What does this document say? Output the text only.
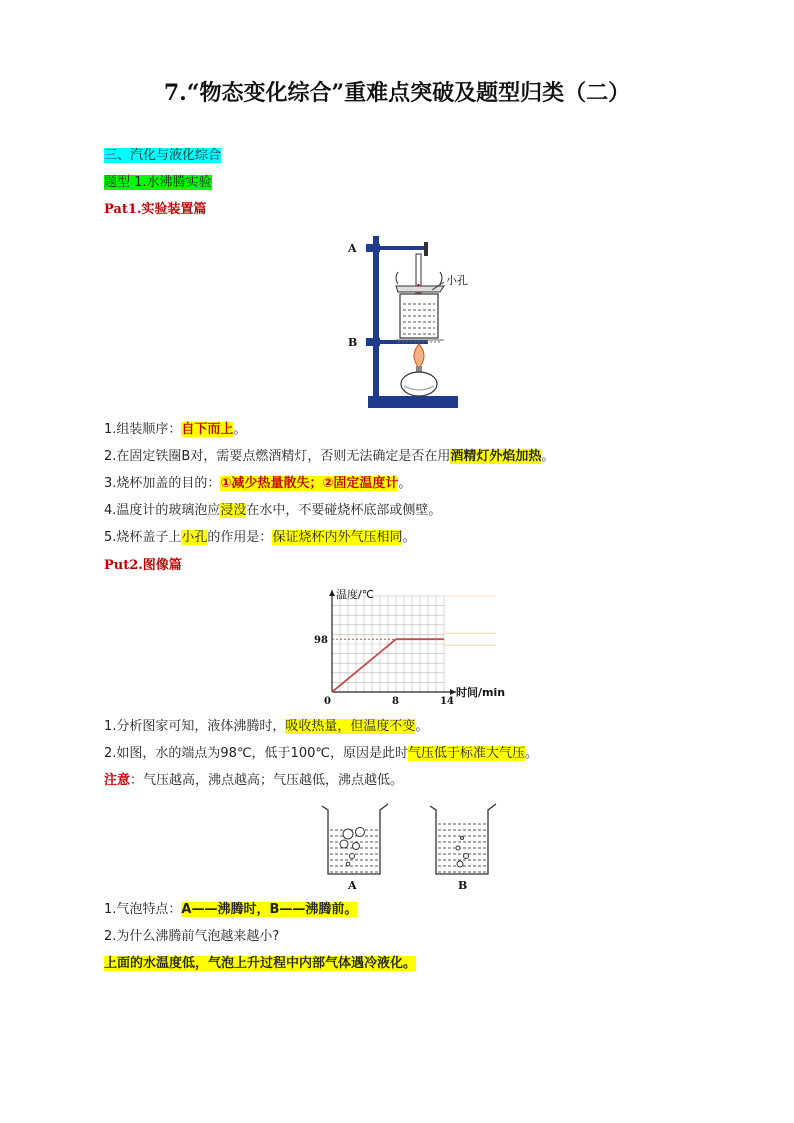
7.“物态变化综合”重难点突破及题型归类（二）
三、汽化与液化综合
题型 1.水沸腾实验
Pat1.实验装置篇
A
B
小孔
1.组装顺序：自下而上。
2.在固定铁圈B对，需要点燃酒精灯，否则无法确定是否在用酒精灯外焰加热。
3.烧杯加盖的目的：①减少热量散失；②固定温度计。
4.温度计的玻璃泡应浸没在水中，不要碰烧杯底部或侧壁。
5.烧杯盖子上小孔的作用是：保证烧杯内外气压相同。
Put2.图像篇
温度/℃
时间/min
0	8	14
98
1.分析图家可知，液体沸腾时，吸收热量，但温度不变。
2.如图，水的端点为98℃，低于100℃，原因是此时气压低于标准大气压。
注意：气压越高，沸点越高；气压越低，沸点越低。
A	B
1.气泡特点：A——沸腾时，B——沸腾前。
2.为什么沸腾前气泡越来越小?
上面的水温度低，气泡上升过程中内部气体遇冷液化。
